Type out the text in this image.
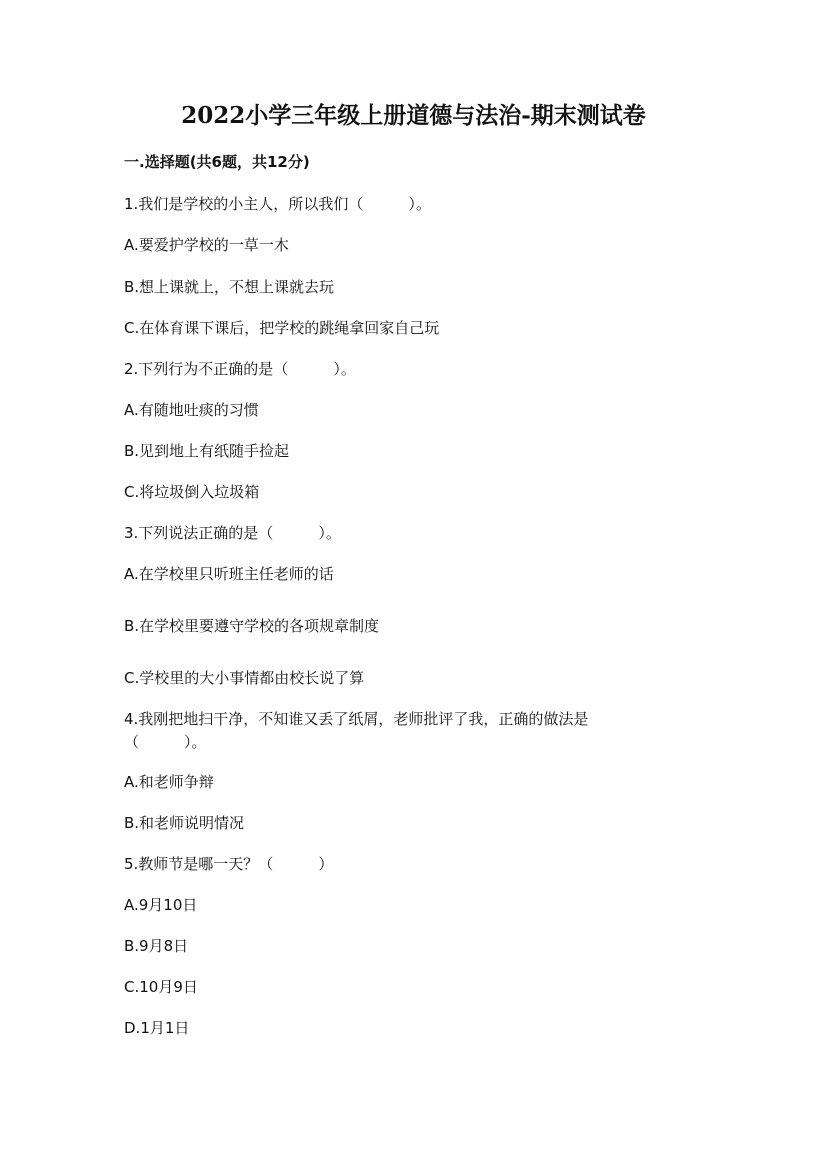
2022小学三年级上册道德与法治-期末测试卷
一.选择题(共6题，共12分)
1.我们是学校的小主人，所以我们（　　　）。
A.要爱护学校的一草一木
B.想上课就上，不想上课就去玩
C.在体育课下课后，把学校的跳绳拿回家自己玩
2.下列行为不正确的是（　　　）。
A.有随地吐痰的习惯
B.见到地上有纸随手捡起
C.将垃圾倒入垃圾箱
3.下列说法正确的是（　　　）。
A.在学校里只听班主任老师的话
B.在学校里要遵守学校的各项规章制度
C.学校里的大小事情都由校长说了算
4.我刚把地扫干净，不知谁又丢了纸屑，老师批评了我，正确的做法是
（　　　）。
A.和老师争辩
B.和老师说明情况
5.教师节是哪一天？（　　　）
A.9月10日
B.9月8日
C.10月9日
D.1月1日
